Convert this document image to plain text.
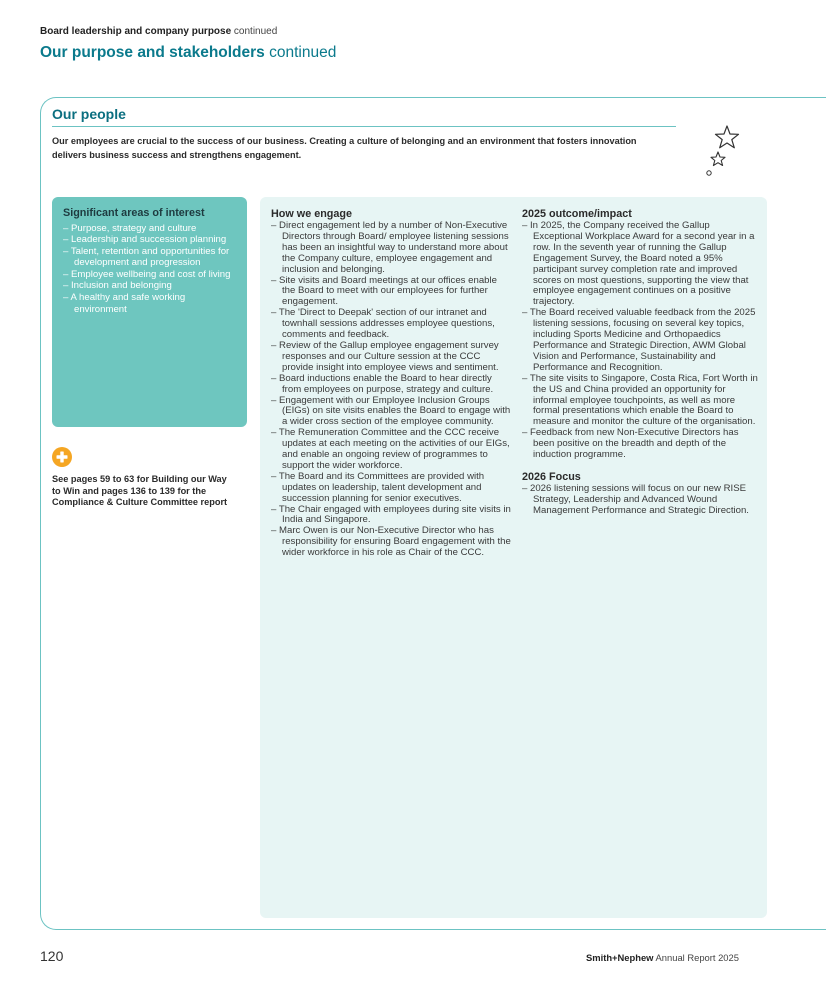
Board leadership and company purpose continued
Our purpose and stakeholders continued
Our people
Our employees are crucial to the success of our business. Creating a culture of belonging and an environment that fosters innovation delivers business success and strengthens engagement.
Significant areas of interest
– Purpose, strategy and culture
– Leadership and succession planning
– Talent, retention and opportunities for development and progression
– Employee wellbeing and cost of living
– Inclusion and belonging
– A healthy and safe working environment
See pages 59 to 63 for Building our Way to Win and pages 136 to 139 for the Compliance & Culture Committee report
How we engage
– Direct engagement led by a number of Non-Executive Directors through Board/ employee listening sessions has been an insightful way to understand more about the Company culture, employee engagement and inclusion and belonging.
– Site visits and Board meetings at our offices enable the Board to meet with our employees for further engagement.
– The 'Direct to Deepak' section of our intranet and townhall sessions addresses employee questions, comments and feedback.
– Review of the Gallup employee engagement survey responses and our Culture session at the CCC provide insight into employee views and sentiment.
– Board inductions enable the Board to hear directly from employees on purpose, strategy and culture.
– Engagement with our Employee Inclusion Groups (EIGs) on site visits enables the Board to engage with a wider cross section of the employee community.
– The Remuneration Committee and the CCC receive updates at each meeting on the activities of our EIGs, and enable an ongoing review of programmes to support the wider workforce.
– The Board and its Committees are provided with updates on leadership, talent development and succession planning for senior executives.
– The Chair engaged with employees during site visits in India and Singapore.
– Marc Owen is our Non-Executive Director who has responsibility for ensuring Board engagement with the wider workforce in his role as Chair of the CCC.
2025 outcome/impact
– In 2025, the Company received the Gallup Exceptional Workplace Award for a second year in a row. In the seventh year of running the Gallup Engagement Survey, the Board noted a 95% participant survey completion rate and improved scores on most questions, supporting the view that employee engagement continues on a positive trajectory.
– The Board received valuable feedback from the 2025 listening sessions, focusing on several key topics, including Sports Medicine and Orthopaedics Performance and Strategic Direction, AWM Global Vision and Performance, Sustainability and Performance and Recognition.
– The site visits to Singapore, Costa Rica, Fort Worth in the US and China provided an opportunity for informal employee touchpoints, as well as more formal presentations which enable the Board to measure and monitor the culture of the organisation.
– Feedback from new Non-Executive Directors has been positive on the breadth and depth of the induction programme.
2026 Focus
– 2026 listening sessions will focus on our new RISE Strategy, Leadership and Advanced Wound Management Performance and Strategic Direction.
120	Smith+Nephew Annual Report 2025
